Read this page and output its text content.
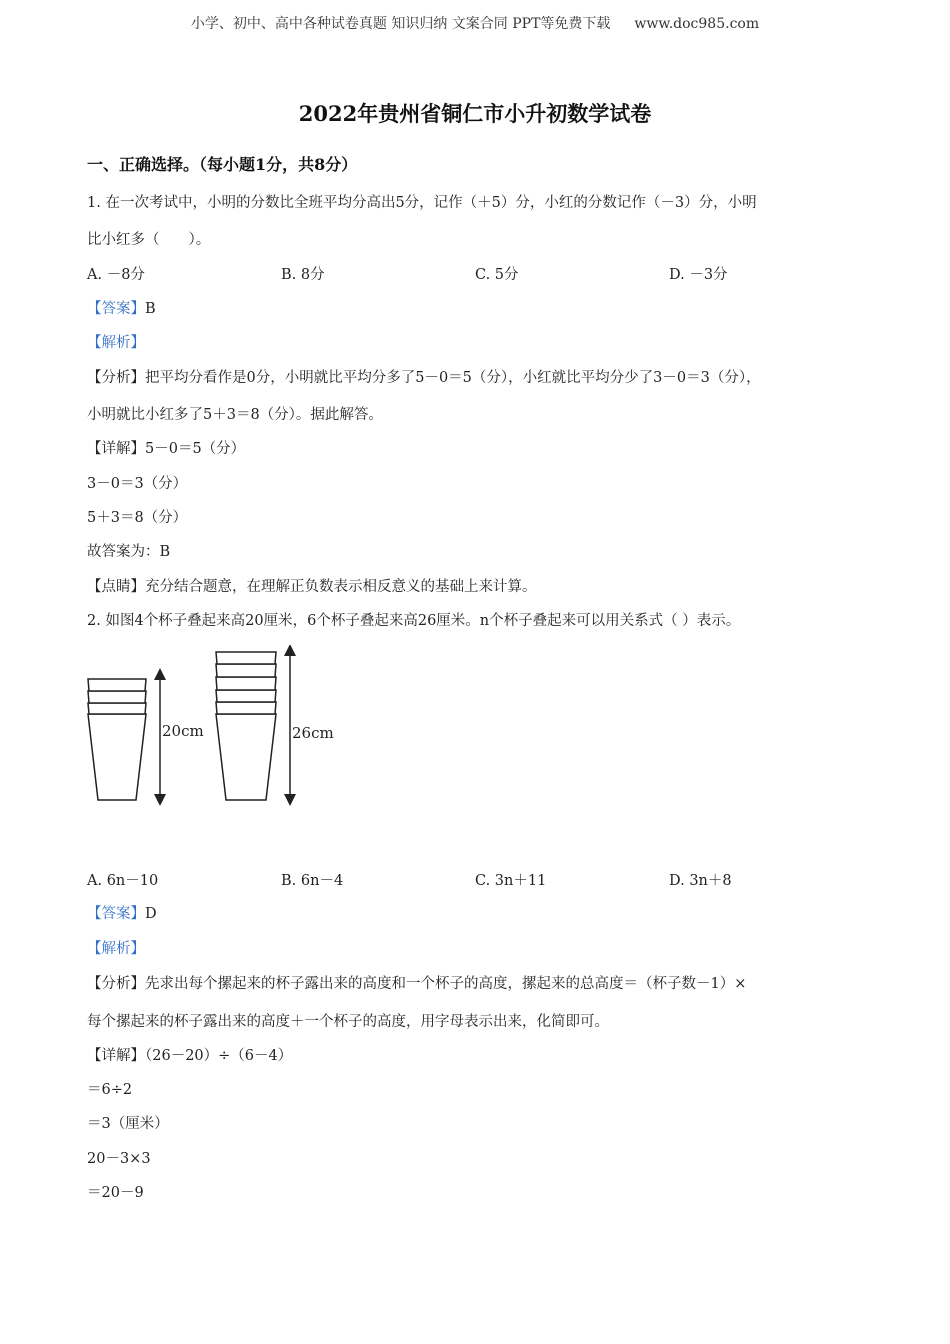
小学、初中、高中各种试卷真题 知识归纳 文案合同 PPT等免费下载 www.doc985.com
2022年贵州省铜仁市小升初数学试卷
一、正确选择。（每小题1分，共8分）
1. 在一次考试中，小明的分数比全班平均分高出5分，记作（＋5）分，小红的分数记作（－3）分，小明
比小红多（　　）。
A. －8分	B. 8分	C. 5分	D. －3分
【答案】B
【解析】
【分析】把平均分看作是0分，小明就比平均分多了5－0＝5（分），小红就比平均分少了3－0＝3（分），
小明就比小红多了5＋3＝8（分）。据此解答。
【详解】5－0＝5（分）
3－0＝3（分）
5＋3＝8（分）
故答案为：B
【点睛】充分结合题意，在理解正负数表示相反意义的基础上来计算。
2. 如图4个杯子叠起来高20厘米，6个杯子叠起来高26厘米。n个杯子叠起来可以用关系式（ ）表示。
20cm	26cm
A. 6n－10	B. 6n－4	C. 3n＋11	D. 3n＋8
【答案】D
【解析】
【分析】先求出每个摞起来的杯子露出来的高度和一个杯子的高度，摞起来的总高度＝（杯子数－1）×
每个摞起来的杯子露出来的高度＋一个杯子的高度，用字母表示出来，化简即可。
【详解】（26－20）÷（6－4）
＝6÷2
＝3（厘米）
20－3×3
＝20－9
